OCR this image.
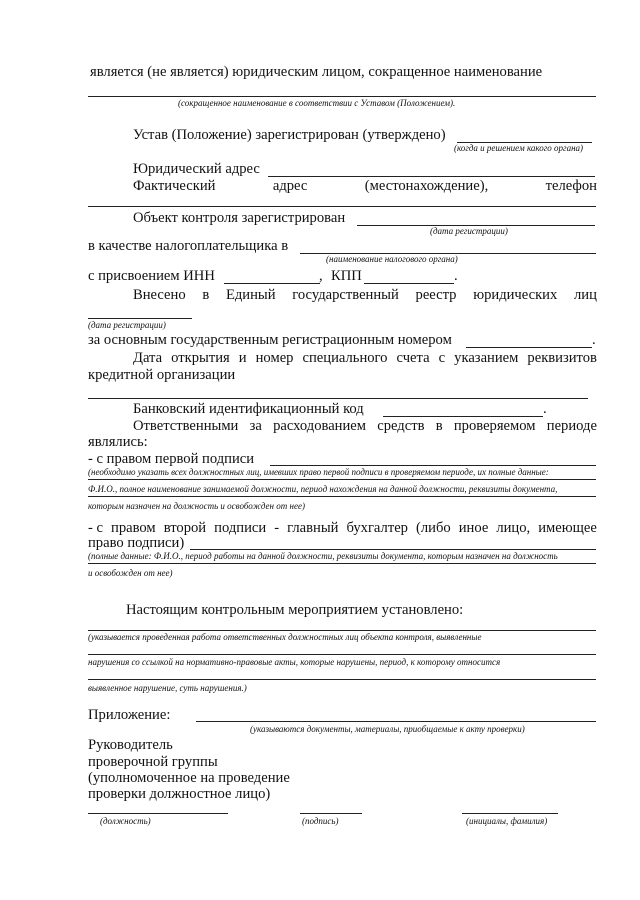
является (не является) юридическим лицом, сокращенное наименование
(сокращенное наименование в соответствии с Уставом (Положением).
Устав (Положение) зарегистрирован (утверждено)
(когда и решением какого органа)
Юридический адрес
Фактический	адрес	(местонахождение),	телефон
Объект контроля зарегистрирован
(дата регистрации)
в качестве налогоплательщика в
(наименование налогового органа)
с присвоением ИНН	, КПП	.
Внесено в Единый государственный реестр юридических лиц
(дата регистрации)
за основным государственным регистрационным номером	.
Дата открытия и номер специального счета с указанием реквизитов
кредитной организации
Банковский идентификационный код	.
Ответственными за расходованием средств в проверяемом периоде
являлись:
- с правом первой подписи
(необходимо указать всех должностных лиц, имевших право первой подписи в проверяемом периоде, их полные данные:
Ф.И.О., полное наименование занимаемой должности, период нахождения на данной должности, реквизиты документа,
которым назначен на должность и освобожден от нее)
- с правом второй подписи - главный бухгалтер (либо иное лицо, имеющее
право подписи)
(полные данные: Ф.И.О., период работы на данной должности, реквизиты документа, которым назначен на должность
и освобожден от нее)
Настоящим контрольным мероприятием установлено:
(указывается проведенная работа ответственных должностных лиц объекта контроля, выявленные
нарушения со ссылкой на нормативно-правовые акты, которые нарушены, период, к которому относится
выявленное нарушение, суть нарушения.)
Приложение:
(указываются документы, материалы, приобщаемые к акту проверки)
Руководитель
проверочной группы
(уполномоченное на проведение
проверки должностное лицо)
(должность)	(подпись)	(инициалы, фамилия)
